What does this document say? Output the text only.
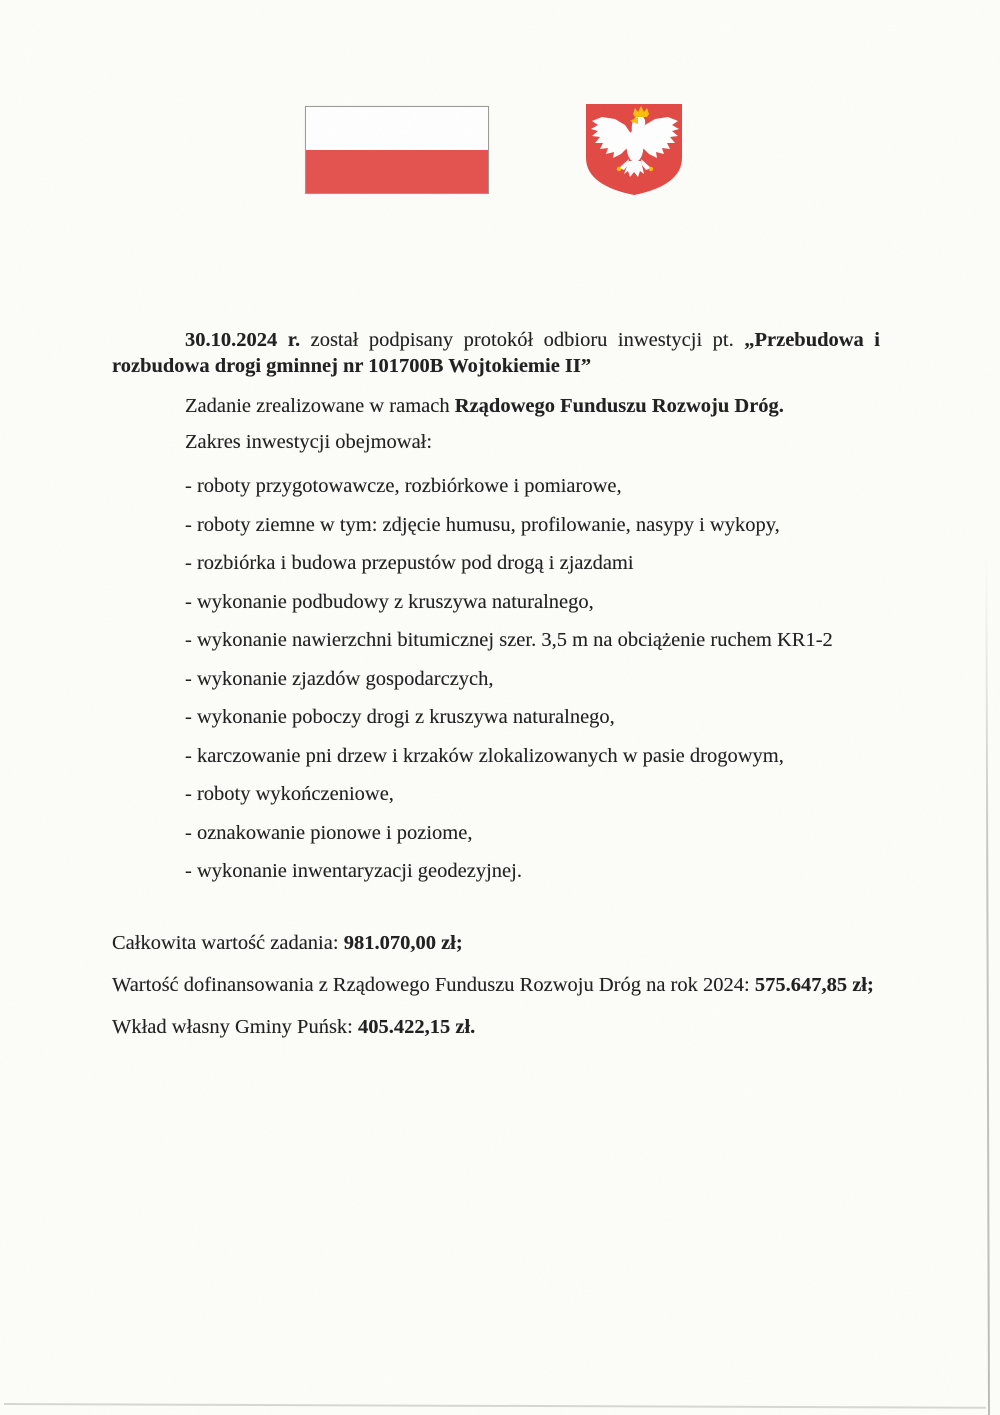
30.10.2024 r. został podpisany protokół odbioru inwestycji pt. „Przebudowa i rozbudowa drogi gminnej nr 101700B Wojtokiemie II”

Zadanie zrealizowane w ramach Rządowego Funduszu Rozwoju Dróg.

Zakres inwestycji obejmował:

- roboty przygotowawcze, rozbiórkowe i pomiarowe,

- roboty ziemne w tym: zdjęcie humusu, profilowanie, nasypy i wykopy,

- rozbiórka i budowa przepustów pod drogą i zjazdami

- wykonanie podbudowy z kruszywa naturalnego,

- wykonanie nawierzchni bitumicznej szer. 3,5 m na obciążenie ruchem KR1-2

- wykonanie zjazdów gospodarczych,

- wykonanie poboczy drogi z kruszywa naturalnego,

- karczowanie pni drzew i krzaków zlokalizowanych w pasie drogowym,

- roboty wykończeniowe,

- oznakowanie pionowe i poziome,

- wykonanie inwentaryzacji geodezyjnej.

Całkowita wartość zadania: 981.070,00 zł;

Wartość dofinansowania z Rządowego Funduszu Rozwoju Dróg na rok 2024: 575.647,85 zł;

Wkład własny Gminy Puńsk: 405.422,15 zł.
